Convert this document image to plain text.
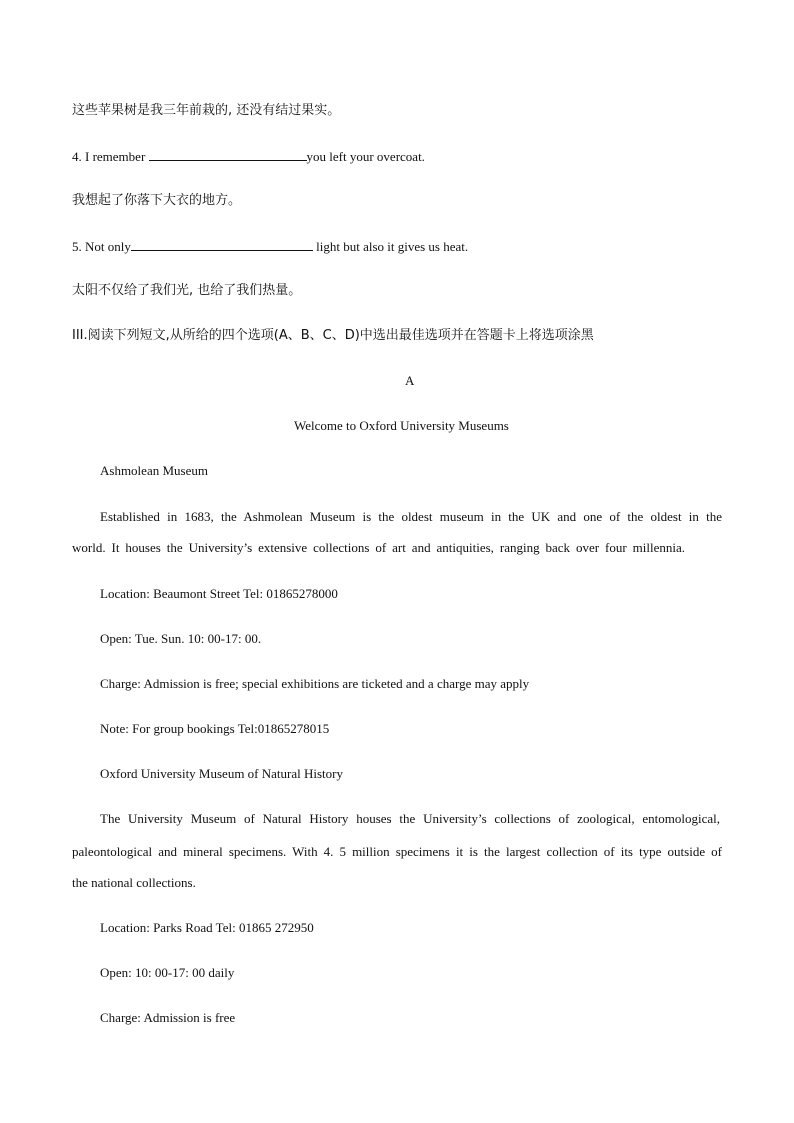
这些苹果树是我三年前栽的, 还没有结过果实。
4. I remember	you left your overcoat.
我想起了你落下大衣的地方。
5. Not only	light but also it gives us heat.
太阳不仅给了我们光, 也给了我们热量。
III.阅读下列短文,从所给的四个选项(A、B、C、D)中选出最佳选项并在答题卡上将选项涂黑
A
Welcome to Oxford University Museums
Ashmolean Museum
Established in 1683, the Ashmolean Museum is the oldest museum in the UK and one of the oldest in the
world. It houses the University’s extensive collections of art and antiquities, ranging back over four millennia.
Location: Beaumont Street Tel: 01865278000
Open: Tue. Sun. 10: 00-17: 00.
Charge: Admission is free; special exhibitions are ticketed and a charge may apply
Note: For group bookings Tel:01865278015
Oxford University Museum of Natural History
The University Museum of Natural History houses the University’s collections of zoological, entomological,
paleontological and mineral specimens. With 4. 5 million specimens it is the largest collection of its type outside of
the national collections.
Location: Parks Road Tel: 01865 272950
Open: 10: 00-17: 00 daily
Charge: Admission is free
